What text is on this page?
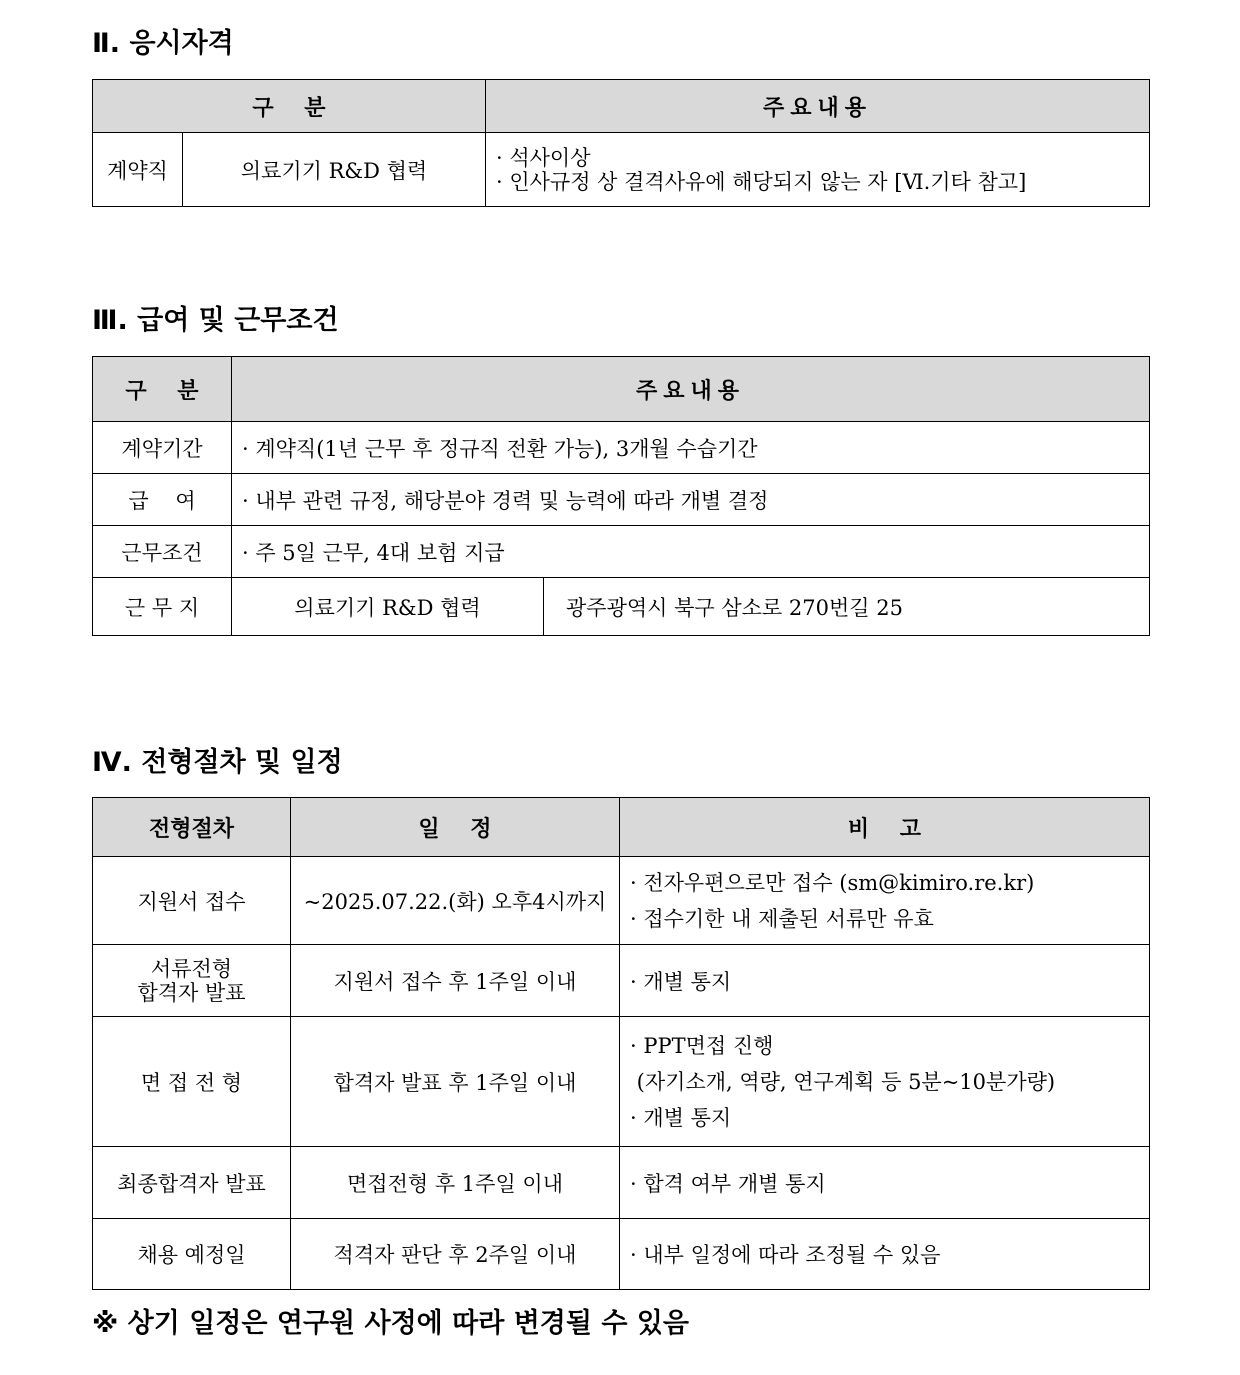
Ⅱ. 응시자격
구    분		주요내용
계약직	의료기기 R&D 협력	· 석사이상
· 인사규정 상 결격사유에 해당되지 않는 자 [Ⅵ.기타 참고]
Ⅲ. 급여 및 근무조건
구    분	주요내용	
계약기간	· 계약직(1년 근무 후 정규직 전환 가능), 3개월 수습기간	
급    여	· 내부 관련 규정, 해당분야 경력 및 능력에 따라 개별 결정	
근무조건	· 주 5일 근무, 4대 보험 지급	
근 무 지	의료기기 R&D 협력	광주광역시 북구 삼소로 270번길 25
Ⅳ. 전형절차 및 일정
전형절차	일    정	비    고
지원서 접수	~2025.07.22.(화) 오후4시까지	· 전자우편으로만 접수 (sm@kimiro.re.kr)
· 접수기한 내 제출된 서류만 유효

서류전형
합격자 발표	지원서 접수 후 1주일 이내	· 개별 통지
면 접 전 형	합격자 발표 후 1주일 이내	· PPT면접 진행
(자기소개, 역량, 연구계획 등 5분~10분가량)
· 개별 통지

최종합격자 발표	면접전형 후 1주일 이내	· 합격 여부 개별 통지
채용 예정일	적격자 판단 후 2주일 이내	· 내부 일정에 따라 조정될 수 있음

※ 상기 일정은 연구원 사정에 따라 변경될 수 있음
